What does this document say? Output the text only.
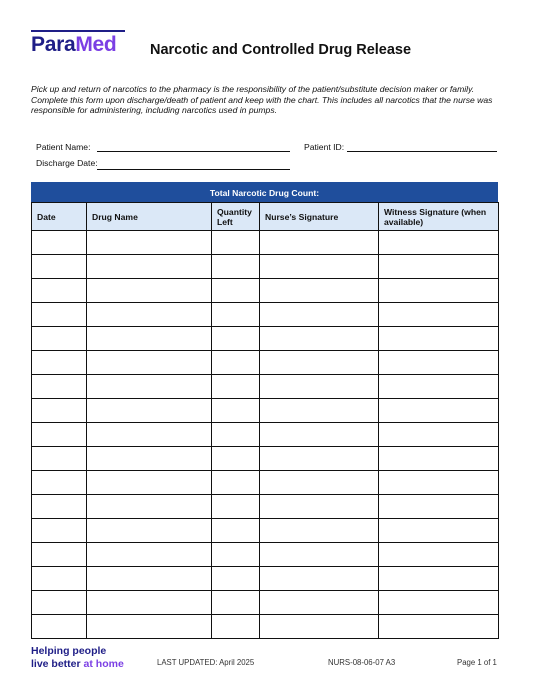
ParaMed Narcotic and Controlled Drug Release
Pick up and return of narcotics to the pharmacy is the responsibility of the patient/substitute decision maker or family. Complete this form upon discharge/death of patient and keep with the chart. This includes all narcotics that the nurse was responsible for administering, including narcotics used in pumps.
Patient Name:	Patient ID:
Discharge Date:
Total Narcotic Drug Count:
Date	Drug Name	Quantity Left	Nurse’s Signature	Witness Signature (when available)

Helping people
live better at home	LAST UPDATED: April 2025	NURS-08-06-07 A3	Page 1 of 1
